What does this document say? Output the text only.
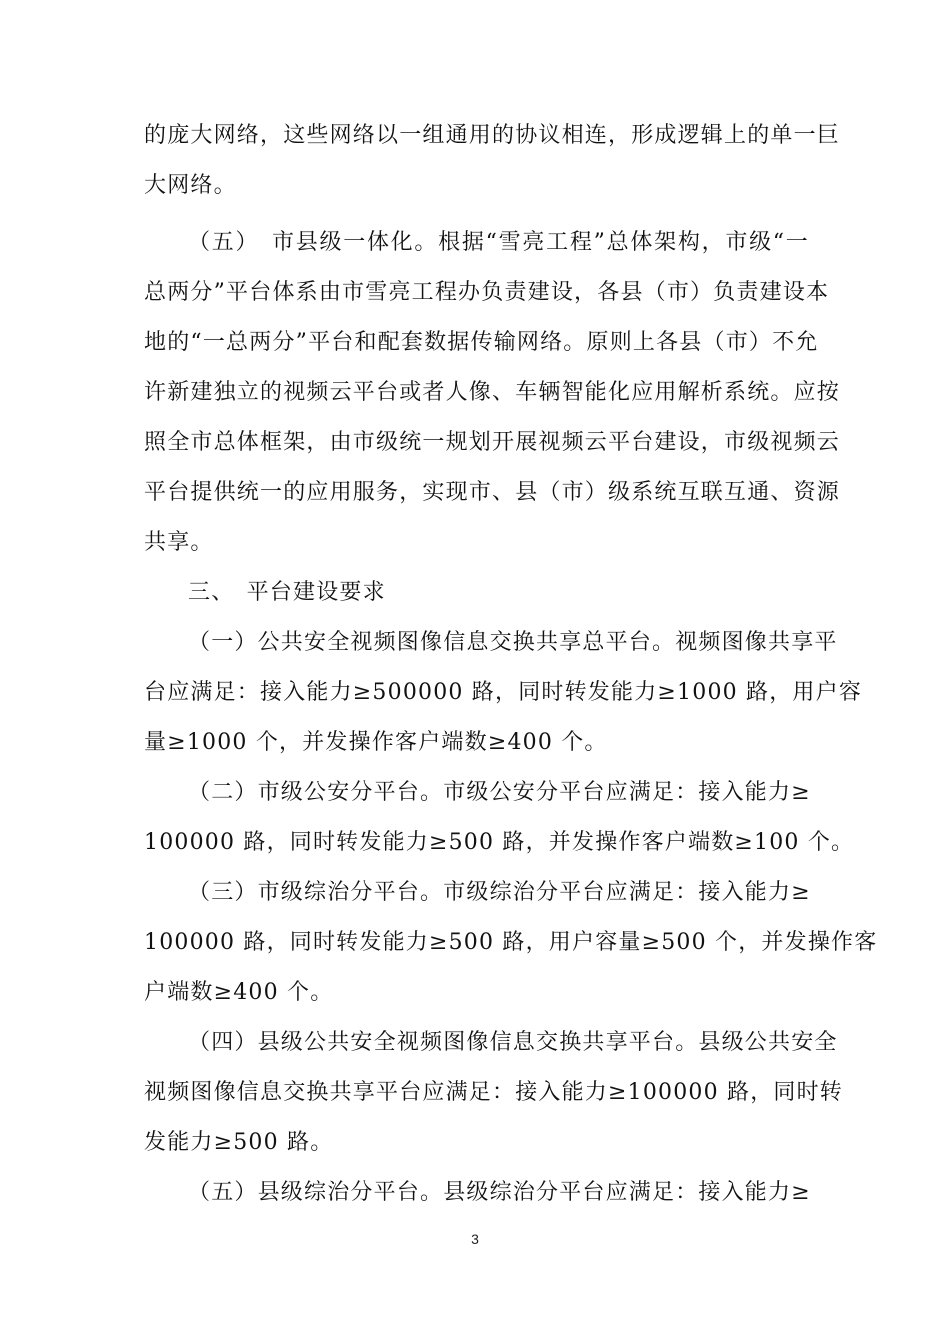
的庞大网络，这些网络以一组通用的协议相连，形成逻辑上的单一巨
大网络。
（五）　市县级一体化。根据“雪亮工程”总体架构，市级“一
总两分”平台体系由市雪亮工程办负责建设，各县（市）负责建设本
地的“一总两分”平台和配套数据传输网络。原则上各县（市）不允
许新建独立的视频云平台或者人像、车辆智能化应用解析系统。应按
照全市总体框架，由市级统一规划开展视频云平台建设，市级视频云
平台提供统一的应用服务，实现市、县（市）级系统互联互通、资源
共享。
三、　平台建设要求
（一）公共安全视频图像信息交换共享总平台。视频图像共享平
台应满足：接入能力≥500000 路，同时转发能力≥1000 路，用户容
量≥1000 个，并发操作客户端数≥400 个。
（二）市级公安分平台。市级公安分平台应满足：接入能力≥
100000 路，同时转发能力≥500 路，并发操作客户端数≥100 个。
（三）市级综治分平台。市级综治分平台应满足：接入能力≥
100000 路，同时转发能力≥500 路，用户容量≥500 个，并发操作客
户端数≥400 个。
（四）县级公共安全视频图像信息交换共享平台。县级公共安全
视频图像信息交换共享平台应满足：接入能力≥100000 路，同时转
发能力≥500 路。
（五）县级综治分平台。县级综治分平台应满足：接入能力≥
3
